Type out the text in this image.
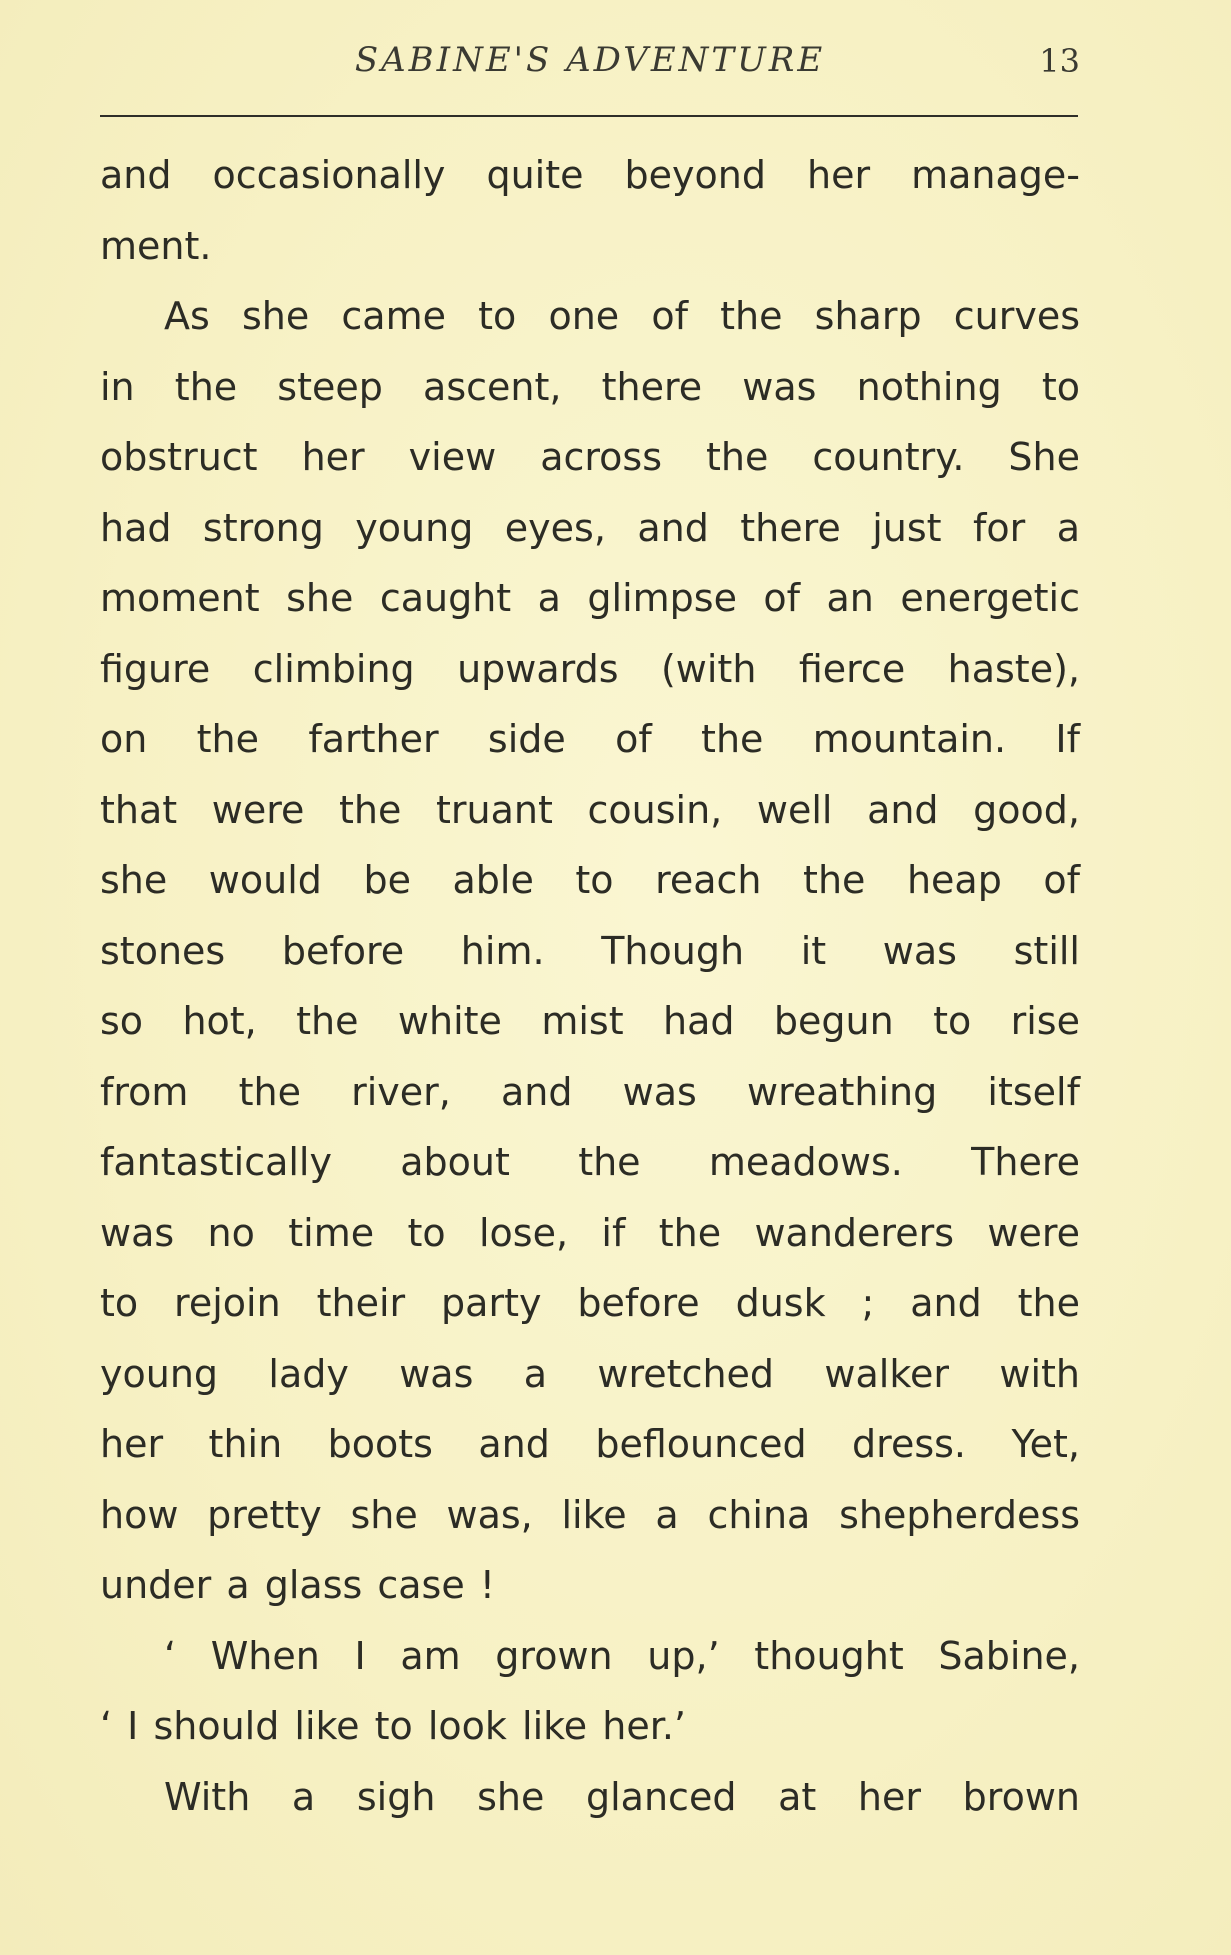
SABINE'S ADVENTURE	13
and occasionally quite beyond her manage-
ment.
As she came to one of the sharp curves
in the steep ascent, there was nothing to
obstruct her view across the country. She
had strong young eyes, and there just for a
moment she caught a glimpse of an energetic
figure climbing upwards (with fierce haste),
on the farther side of the mountain. If
that were the truant cousin, well and good,
she would be able to reach the heap of
stones before him. Though it was still
so hot, the white mist had begun to rise
from the river, and was wreathing itself
fantastically about the meadows. There
was no time to lose, if the wanderers were
to rejoin their party before dusk ; and the
young lady was a wretched walker with
her thin boots and beflounced dress. Yet,
how pretty she was, like a china shepherdess
under a glass case !
‘ When I am grown up,’ thought Sabine,
‘ I should like to look like her.’
With a sigh she glanced at her brown
